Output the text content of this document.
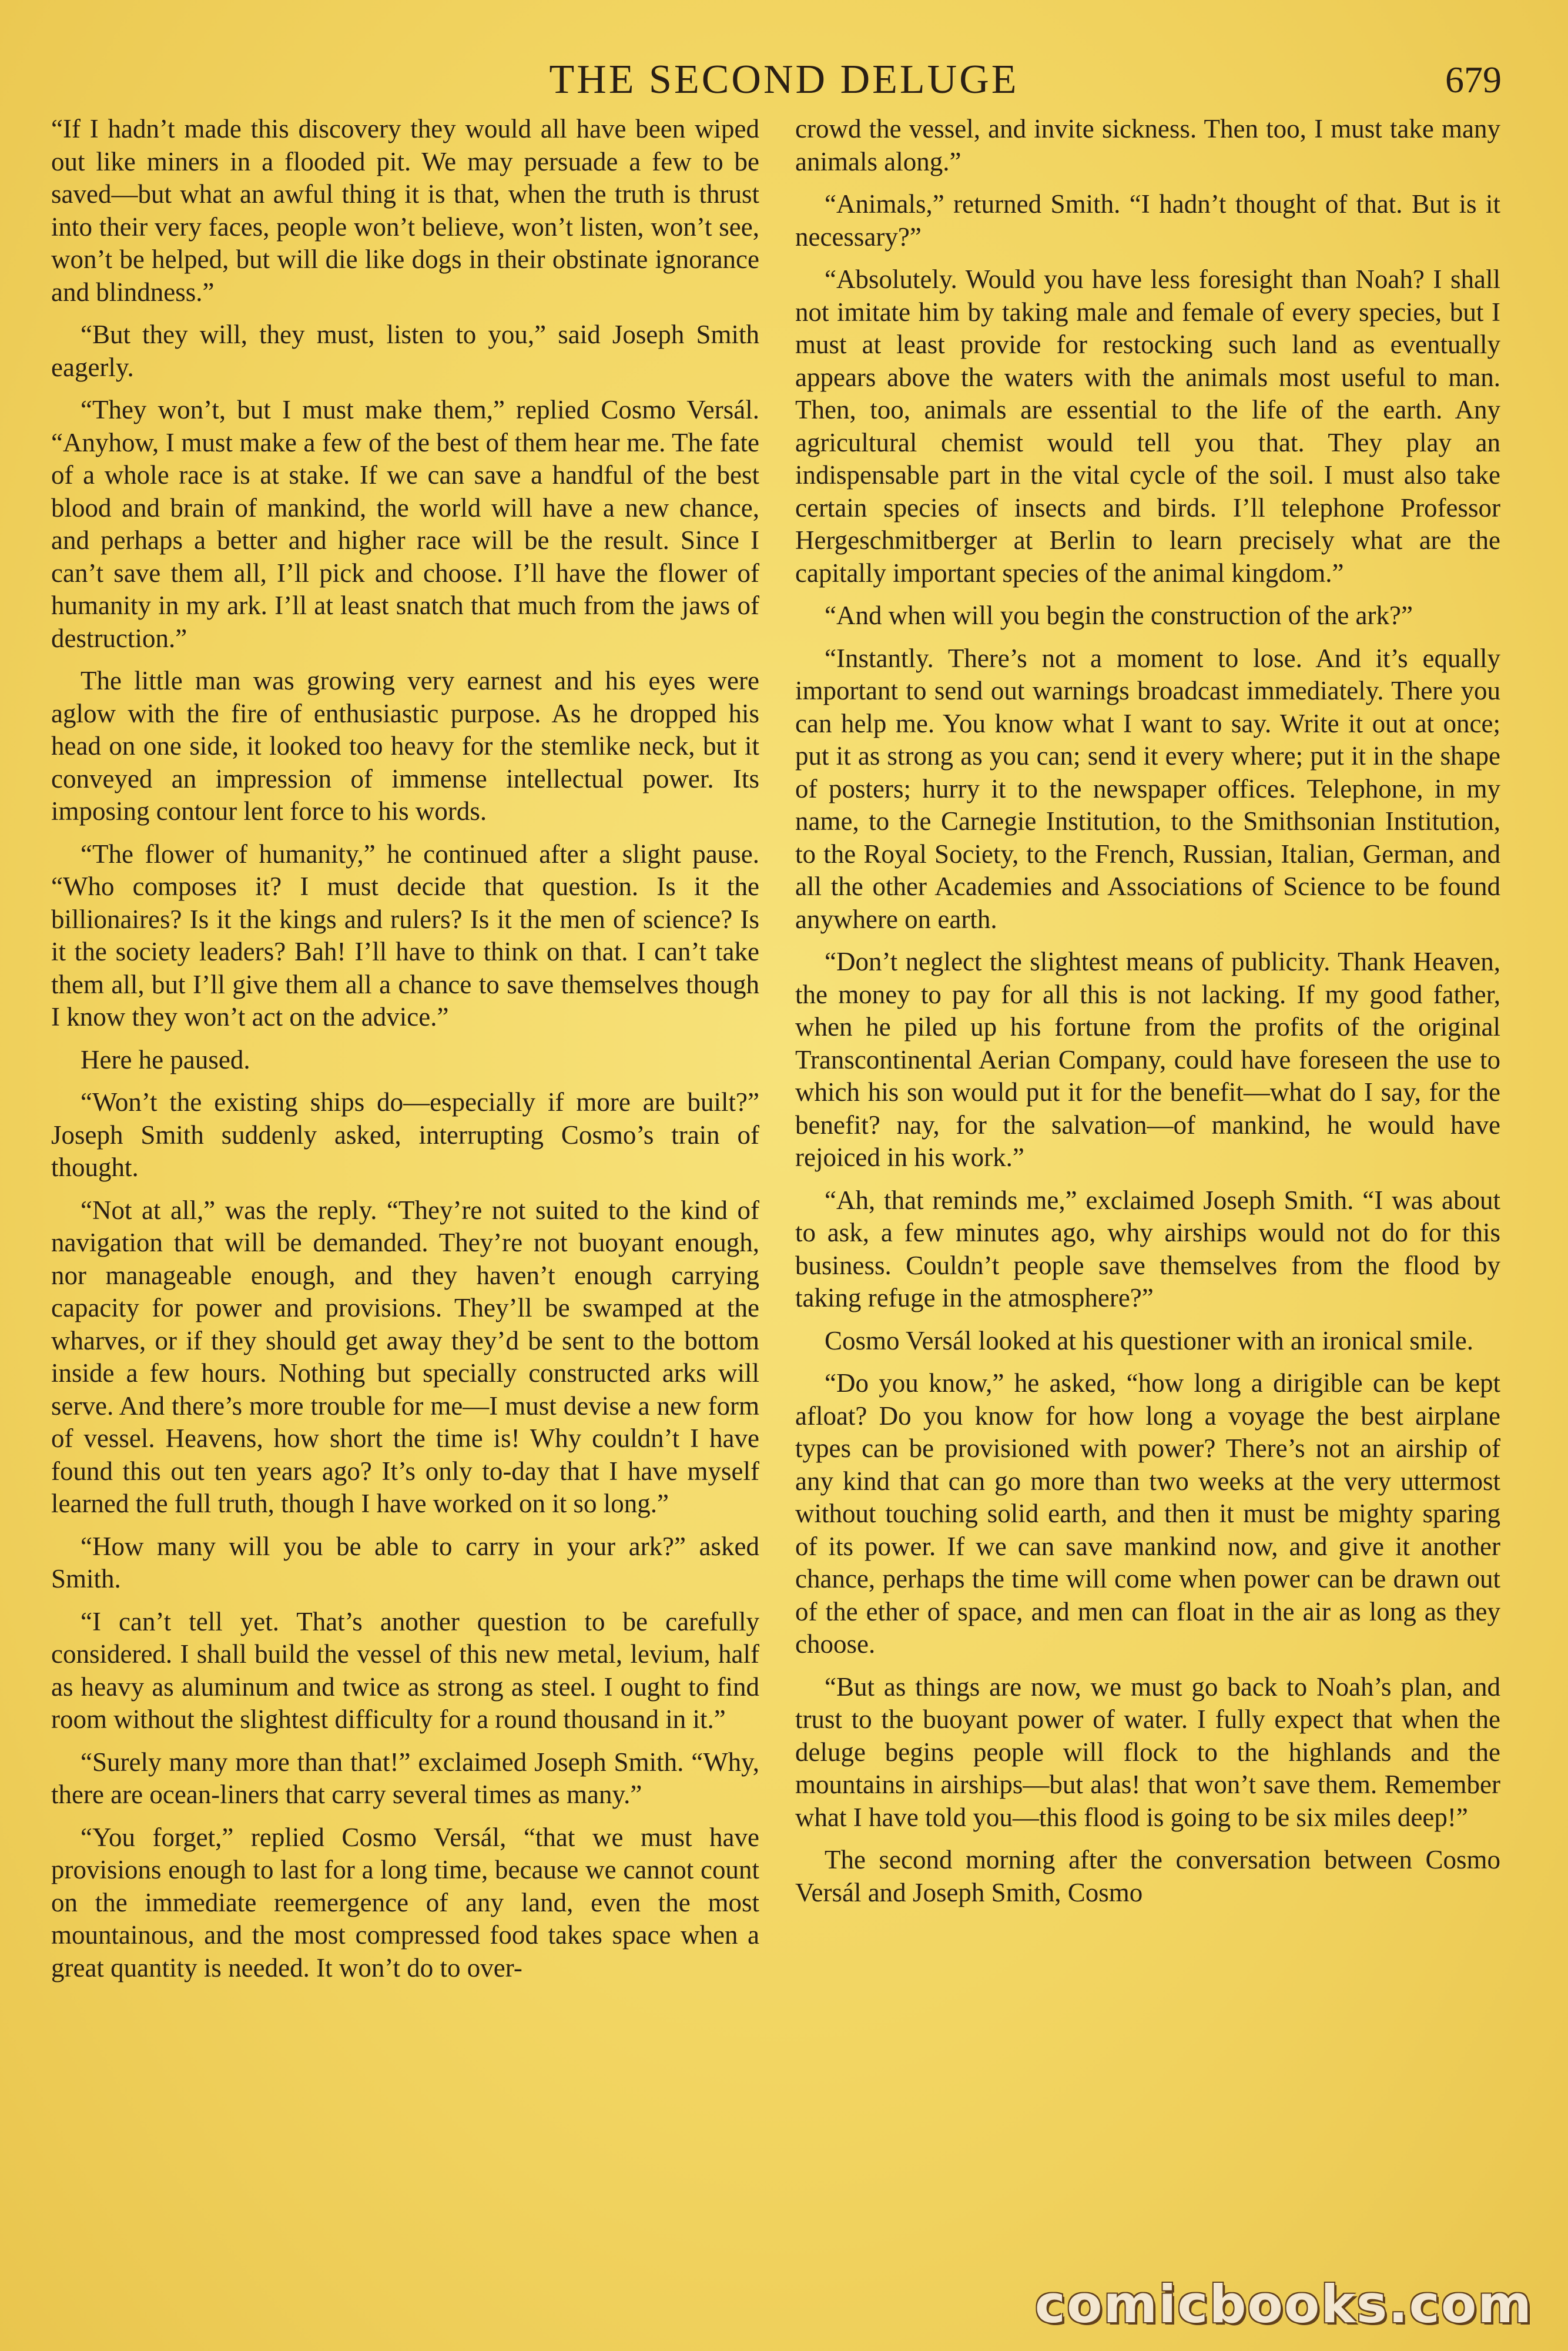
THE SECOND DELUGE	679

“If I hadn’t made this discovery they would all have been wiped out like miners in a flooded pit. We may persuade a few to be saved—but what an awful thing it is that, when the truth is thrust into their very faces, people won’t believe, won’t listen, won’t see, won’t be helped, but will die like dogs in their obstinate ignorance and blindness.”

“But they will, they must, listen to you,” said Joseph Smith eagerly.

“They won’t, but I must make them,” replied Cosmo Versál. “Anyhow, I must make a few of the best of them hear me. The fate of a whole race is at stake. If we can save a handful of the best blood and brain of mankind, the world will have a new chance, and perhaps a better and higher race will be the result. Since I can’t save them all, I’ll pick and choose. I’ll have the flower of humanity in my ark. I’ll at least snatch that much from the jaws of destruction.”

The little man was growing very earnest and his eyes were aglow with the fire of enthusiastic purpose. As he dropped his head on one side, it looked too heavy for the stemlike neck, but it conveyed an impression of immense intellectual power. Its imposing contour lent force to his words.

“The flower of humanity,” he continued after a slight pause. “Who composes it? I must decide that question. Is it the billionaires? Is it the kings and rulers? Is it the men of science? Is it the society leaders? Bah! I’ll have to think on that. I can’t take them all, but I’ll give them all a chance to save themselves though I know they won’t act on the advice.”

Here he paused.

“Won’t the existing ships do—especially if more are built?” Joseph Smith suddenly asked, interrupting Cosmo’s train of thought.

“Not at all,” was the reply. “They’re not suited to the kind of navigation that will be demanded. They’re not buoyant enough, nor manageable enough, and they haven’t enough carrying capacity for power and provisions. They’ll be swamped at the wharves, or if they should get away they’d be sent to the bottom inside a few hours. Nothing but specially constructed arks will serve. And there’s more trouble for me—I must devise a new form of vessel. Heavens, how short the time is! Why couldn’t I have found this out ten years ago? It’s only to-day that I have myself learned the full truth, though I have worked on it so long.”

“How many will you be able to carry in your ark?” asked Smith.

“I can’t tell yet. That’s another question to be carefully considered. I shall build the vessel of this new metal, levium, half as heavy as aluminum and twice as strong as steel. I ought to find room without the slightest difficulty for a round thousand in it.”

“Surely many more than that!” exclaimed Joseph Smith. “Why, there are ocean-liners that carry several times as many.”

“You forget,” replied Cosmo Versál, “that we must have provisions enough to last for a long time, because we cannot count on the immediate reemergence of any land, even the most mountainous, and the most compressed food takes space when a great quantity is needed. It won’t do to over-

crowd the vessel, and invite sickness. Then too, I must take many animals along.”

“Animals,” returned Smith. “I hadn’t thought of that. But is it necessary?”

“Absolutely. Would you have less foresight than Noah? I shall not imitate him by taking male and female of every species, but I must at least provide for restocking such land as eventually appears above the waters with the animals most useful to man. Then, too, animals are essential to the life of the earth. Any agricultural chemist would tell you that. They play an indispensable part in the vital cycle of the soil. I must also take certain species of insects and birds. I’ll telephone Professor Hergeschmitberger at Berlin to learn precisely what are the capitally important species of the animal kingdom.”

“And when will you begin the construction of the ark?”

“Instantly. There’s not a moment to lose. And it’s equally important to send out warnings broadcast immediately. There you can help me. You know what I want to say. Write it out at once; put it as strong as you can; send it every where; put it in the shape of posters; hurry it to the newspaper offices. Telephone, in my name, to the Carnegie Institution, to the Smithsonian Institution, to the Royal Society, to the French, Russian, Italian, German, and all the other Academies and Associations of Science to be found anywhere on earth.

“Don’t neglect the slightest means of publicity. Thank Heaven, the money to pay for all this is not lacking. If my good father, when he piled up his fortune from the profits of the original Transcontinental Aerian Company, could have foreseen the use to which his son would put it for the benefit—what do I say, for the benefit? nay, for the salvation—of mankind, he would have rejoiced in his work.”

“Ah, that reminds me,” exclaimed Joseph Smith. “I was about to ask, a few minutes ago, why airships would not do for this business. Couldn’t people save themselves from the flood by taking refuge in the atmosphere?”

Cosmo Versál looked at his questioner with an ironical smile.

“Do you know,” he asked, “how long a dirigible can be kept afloat? Do you know for how long a voyage the best airplane types can be provisioned with power? There’s not an airship of any kind that can go more than two weeks at the very uttermost without touching solid earth, and then it must be mighty sparing of its power. If we can save mankind now, and give it another chance, perhaps the time will come when power can be drawn out of the ether of space, and men can float in the air as long as they choose.

“But as things are now, we must go back to Noah’s plan, and trust to the buoyant power of water. I fully expect that when the deluge begins people will flock to the highlands and the mountains in airships—but alas! that won’t save them. Remember what I have told you—this flood is going to be six miles deep!”

The second morning after the conversation between Cosmo Versál and Joseph Smith, Cosmo

comicbooks.com
